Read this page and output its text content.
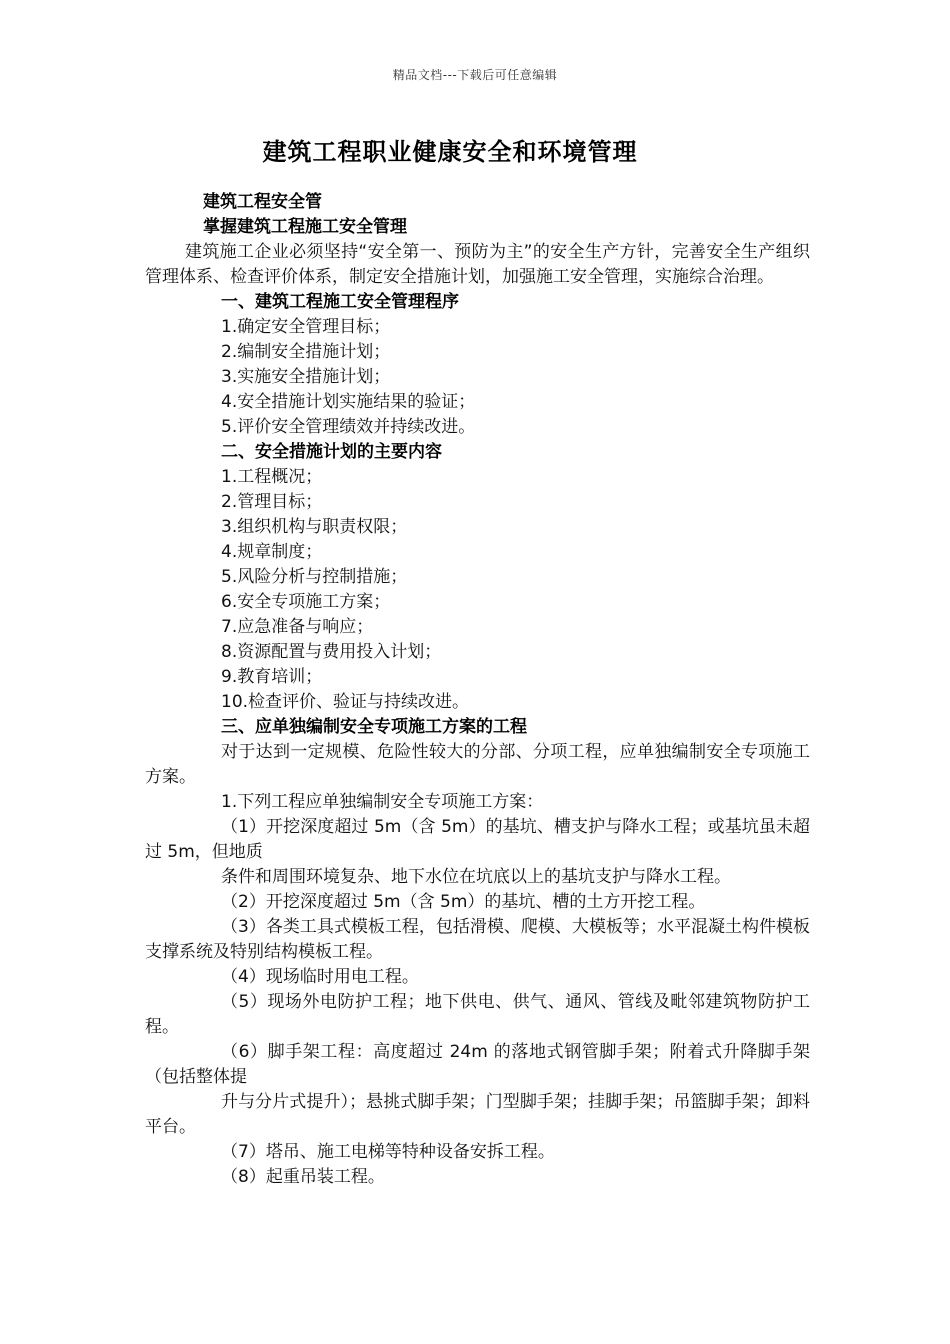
精品文档---下载后可任意编辑
建筑工程职业健康安全和环境管理
建筑工程安全管
掌握建筑工程施工安全管理
建筑施工企业必须坚持“安全第一、预防为主”的安全生产方针，完善安全生产组织管理体系、检查评价体系，制定安全措施计划，加强施工安全管理，实施综合治理。
一、建筑工程施工安全管理程序
1.确定安全管理目标；
2.编制安全措施计划；
3.实施安全措施计划；
4.安全措施计划实施结果的验证；
5.评价安全管理绩效并持续改进。
二、安全措施计划的主要内容
1.工程概况；
2.管理目标；
3.组织机构与职责权限；
4.规章制度；
5.风险分析与控制措施；
6.安全专项施工方案；
7.应急准备与响应；
8.资源配置与费用投入计划；
9.教育培训；
10.检查评价、验证与持续改进。
三、应单独编制安全专项施工方案的工程
对于达到一定规模、危险性较大的分部、分项工程，应单独编制安全专项施工方案。
1.下列工程应单独编制安全专项施工方案：
（1）开挖深度超过 5m（含 5m）的基坑、槽支护与降水工程；或基坑虽未超过 5m，但地质
条件和周围环境复杂、地下水位在坑底以上的基坑支护与降水工程。
（2）开挖深度超过 5m（含 5m）的基坑、槽的土方开挖工程。
（3）各类工具式模板工程，包括滑模、爬模、大模板等；水平混凝土构件模板支撑系统及特别结构模板工程。
（4）现场临时用电工程。
（5）现场外电防护工程；地下供电、供气、通风、管线及毗邻建筑物防护工程。
（6）脚手架工程：高度超过 24m 的落地式钢管脚手架；附着式升降脚手架（包括整体提
升与分片式提升）；悬挑式脚手架；门型脚手架；挂脚手架；吊篮脚手架；卸料平台。
（7）塔吊、施工电梯等特种设备安拆工程。
（8）起重吊装工程。
